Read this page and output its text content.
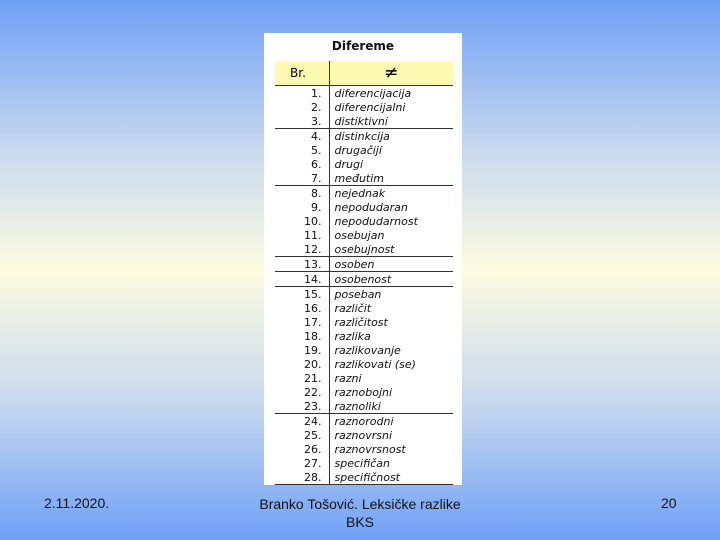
Difereme
Br.	≠
1.	diferencijacija
2.	diferencijalni
3.	distiktivni
4.	distinkcija
5.	drugačiji
6.	drugi
7.	međutim
8.	nejednak
9.	nepodudaran
10.	nepodudarnost
11.	osebujan
12.	osebujnost
13.	osoben
14.	osobenost
15.	poseban
16.	različit
17.	različitost
18.	razlika
19.	razlikovanje
20.	razlikovati (se)
21.	razni
22.	raznobojni
23.	raznoliki
24.	raznorodni
25.	raznovrsni
26.	raznovrsnost
27.	specifičan
28.	specifičnost
2.11.2020.	Branko Tošović. Leksičke razlike
BKS
20
